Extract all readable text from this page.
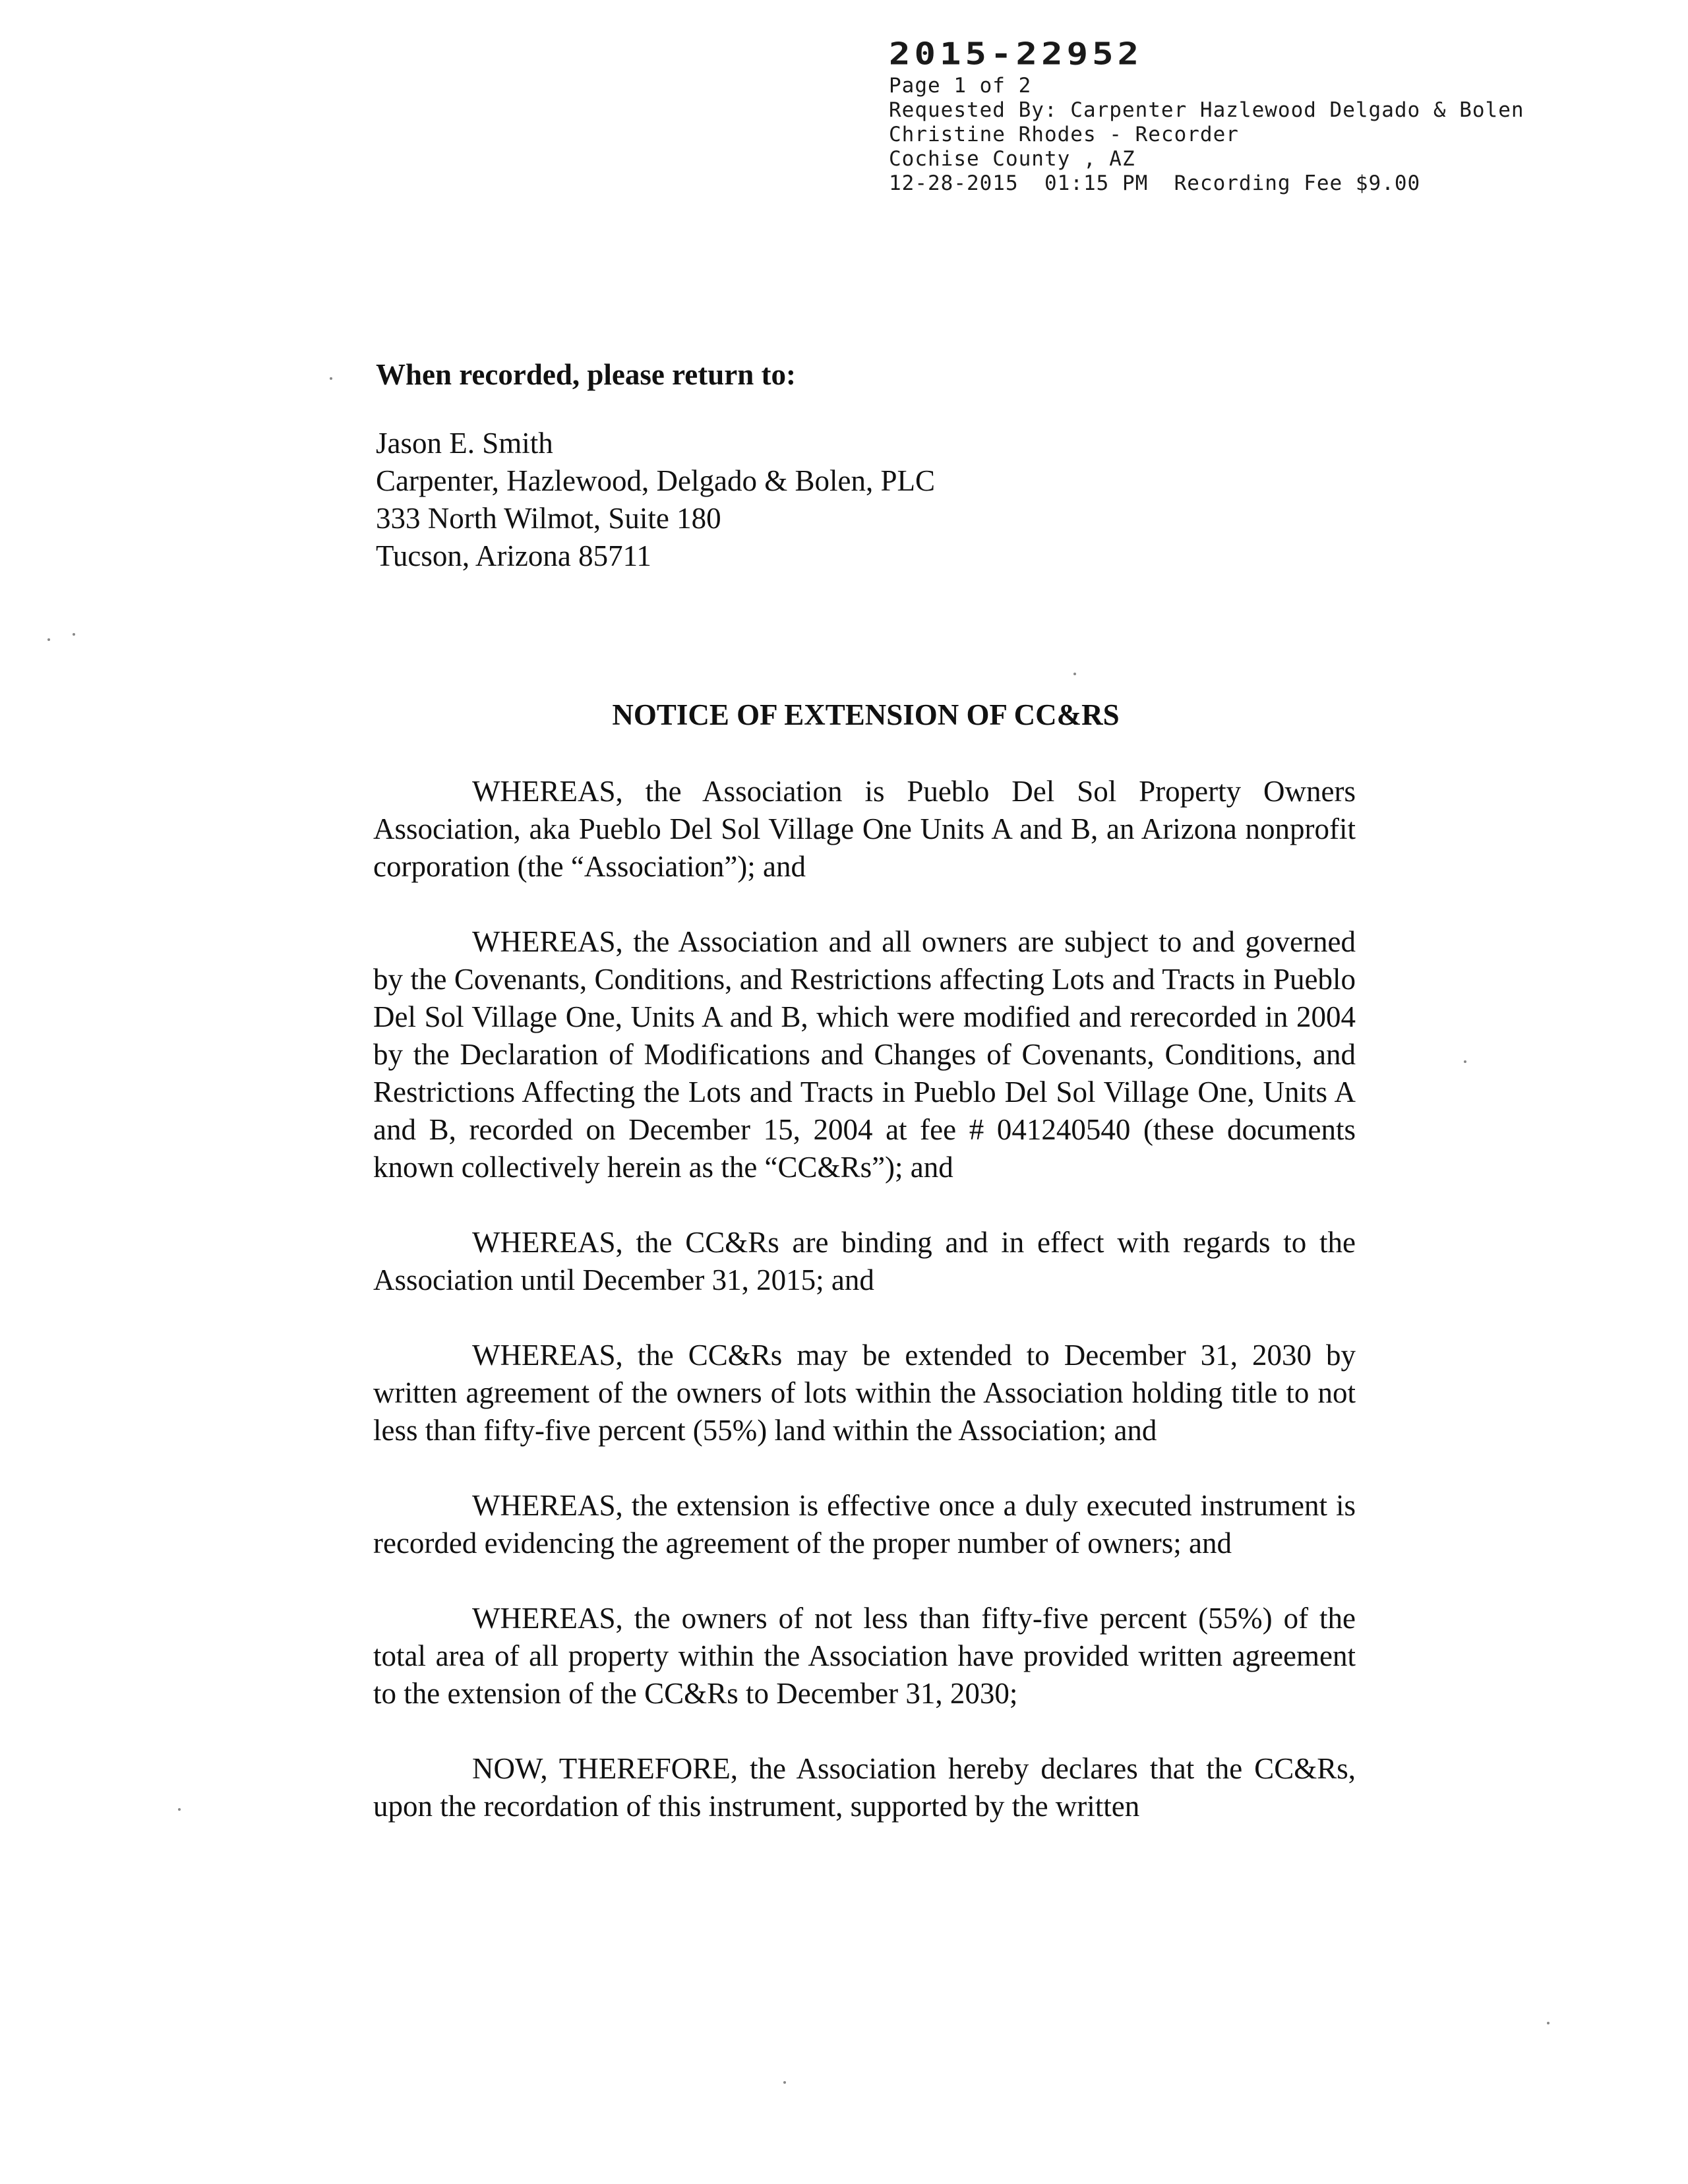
2015-22952
Page 1 of 2
Requested By: Carpenter Hazlewood Delgado & Bolen
Christine Rhodes - Recorder
Cochise County , AZ
12-28-2015  01:15 PM  Recording Fee $9.00
When recorded, please return to:
Jason E. Smith
Carpenter, Hazlewood, Delgado & Bolen, PLC
333 North Wilmot, Suite 180
Tucson, Arizona 85711
NOTICE OF EXTENSION OF CC&RS

WHEREAS, the Association is Pueblo Del Sol Property Owners Association, aka Pueblo Del Sol Village One Units A and B, an Arizona nonprofit corporation (the “Association”); and

WHEREAS, the Association and all owners are subject to and governed by the Covenants, Conditions, and Restrictions affecting Lots and Tracts in Pueblo Del Sol Village One, Units A and B, which were modified and rerecorded in 2004 by the Declaration of Modifications and Changes of Covenants, Conditions, and Restrictions Affecting the Lots and Tracts in Pueblo Del Sol Village One, Units A and B, recorded on December 15, 2004 at fee # 041240540 (these documents known collectively herein as the “CC&Rs”); and

WHEREAS, the CC&Rs are binding and in effect with regards to the Association until December 31, 2015; and

WHEREAS, the CC&Rs may be extended to December 31, 2030 by written agreement of the owners of lots within the Association holding title to not less than fifty-five percent (55%) land within the Association; and

WHEREAS, the extension is effective once a duly executed instrument is recorded evidencing the agreement of the proper number of owners; and

WHEREAS, the owners of not less than fifty-five percent (55%) of the total area of all property within the Association have provided written agreement to the extension of the CC&Rs to December 31, 2030;

NOW, THEREFORE, the Association hereby declares that the CC&Rs, upon the recordation of this instrument, supported by the written
